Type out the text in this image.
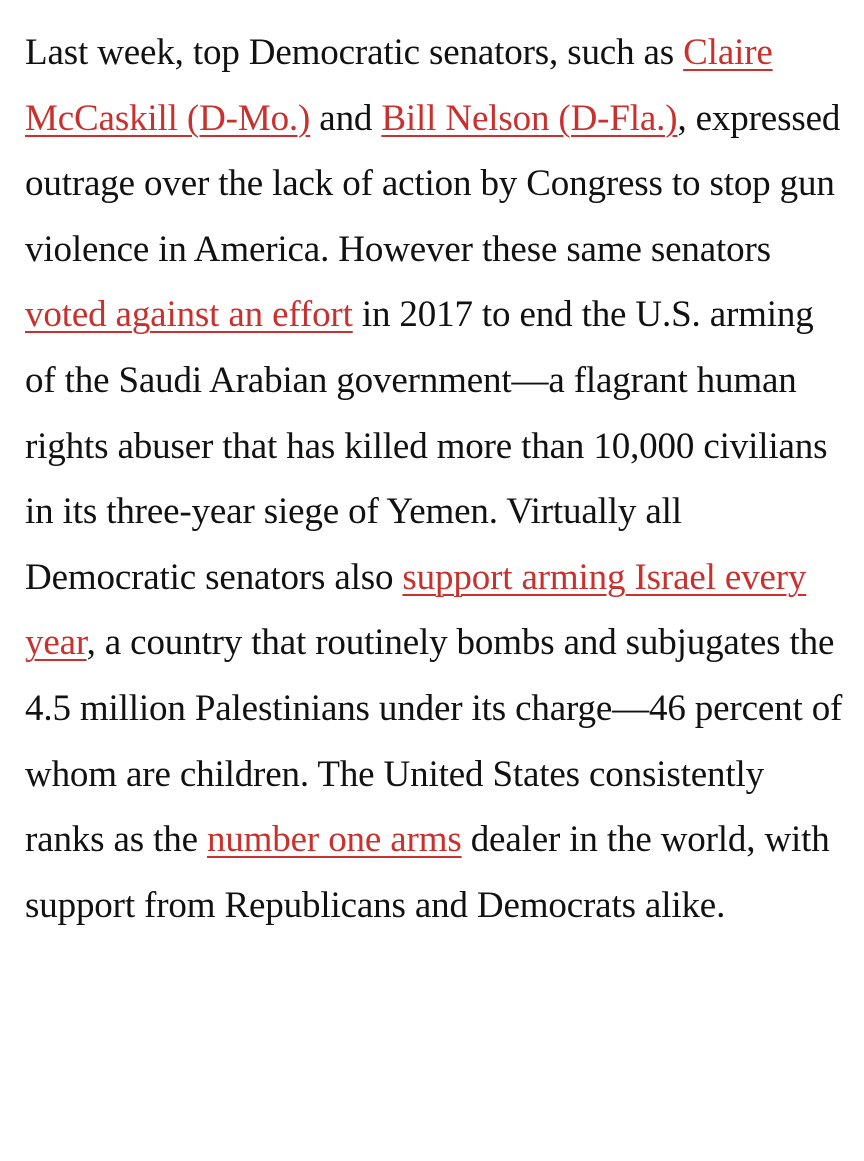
Last week, top Democratic senators, such as Claire McCaskill (D-Mo.) and Bill Nelson (D-Fla.), expressed outrage over the lack of action by Congress to stop gun violence in America. However these same senators voted against an effort in 2017 to end the U.S. arming of the Saudi Arabian government—a flagrant human rights abuser that has killed more than 10,000 civilians in its three-year siege of Yemen. Virtually all Democratic senators also support arming Israel every year, a country that routinely bombs and subjugates the 4.5 million Palestinians under its charge—46 percent of whom are children. The United States consistently ranks as the number one arms dealer in the world, with support from Republicans and Democrats alike.
